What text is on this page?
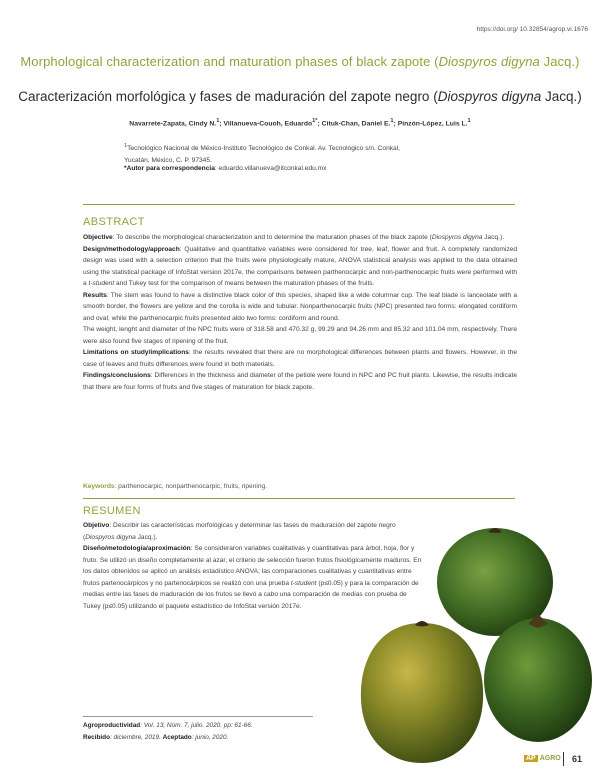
https://doi.org/ 10.32854/agrop.vi.1676
Morphological characterization and maturation phases of black zapote (Diospyros digyna Jacq.)
Caracterización morfológica y fases de maduración del zapote negro (Diospyros digyna Jacq.)
Navarrete-Zapata, Cindy N.$^1$; Villanueva-Couoh, Eduardo$^{1*}$; Cituk-Chan, Daniel E.$^1$; Pinzón-López, Luis L.$^1$
$^1$Tecnológico Nacional de México-Instituto Tecnológico de Conkal. Av. Tecnológico s/n. Conkal,
Yucatán, México, C. P. 97345.
*Autor para correspondencia: eduardo.villanueva@itconkal.edu.mx
ABSTRACT

Objective: To describe the morphological characterization and to determine the maturation phases of the black zapote (Diospyros digyna Jacq.).

Design/methodology/approach: Qualitative and quantitative variables were considered for tree, leaf, flower and fruit. A completely randomized design was used with a selection criterion that the fruits were physiologically mature, ANOVA statistical analysis was applied to the data obtained using the statistical package of InfoStat version 2017e, the comparisons between parthenocarpic and non-parthenocarpic fruits were performed with a t-student and Tukey test for the comparison of means between the maturation phases of the fruits.

Results: The stem was found to have a distinctive black color of this species, shaped like a wide columnar cup. The leaf blade is lanceolate with a smooth border, the flowers are yellow and the corolla is wide and tubular. Nonparthenocarpic fruits (NPC) presented two forms: elongated cordiform and oval; while the parthenocarpic fruits presented aldo two forms: cordiform and round.

The weight, lenght and diameter of the NPC fruits were of 318.58 and 470.32 g, 99.29 and 94.26 mm and 85.32 and 101.04 mm, respectively. There were also found five stages of ripening of the fruit.

Limitations on study/implications: the results revealed that there are no morphological differences between plants and flowers. However, in the case of leaves and fruits differences were found in both materials.

Findings/conclusions: Differences in the thickness and diameter of the petiole were found in NPC and PC fruit plants. Likewise, the results indicate that there are four forms of fruits and five stages of maturation for black zapote.

Keywords: parthenocarpic, nonparthenocarpic, fruits, ripening.
RESUMEN

Objetivo: Describir las características morfológicas y determinar las fases de maduración del zapote negro (Diospyros digyna Jacq.).

Diseño/metodología/aproximación: Se consideraron variables cualitativas y cuantitativas para árbol, hoja, flor y fruto. Se utilizó un diseño completamente al azar, el criterio de selección fueron frutos fisiológicamente maduros. En los datos obtenidos se aplicó un análisis estadístico ANOVA; las comparaciones cualitativas y cuantitativas entre frutos partenocárpicos y no partenocárpicos se realizó con una prueba t-student (p≤0.05) y para la comparación de medias entre las fases de maduración de los frutos se llevó a cabo una comparación de medias con prueba de Tukey (p≤0.05) utilizando el paquete estadístico de InfoStat versión 2017e.

Agroproductividad: Vol. 13, Núm. 7, julio. 2020. pp: 61-66.
Recibido: diciembre, 2019. Aceptado: junio, 2020.
AP AGRO 61
